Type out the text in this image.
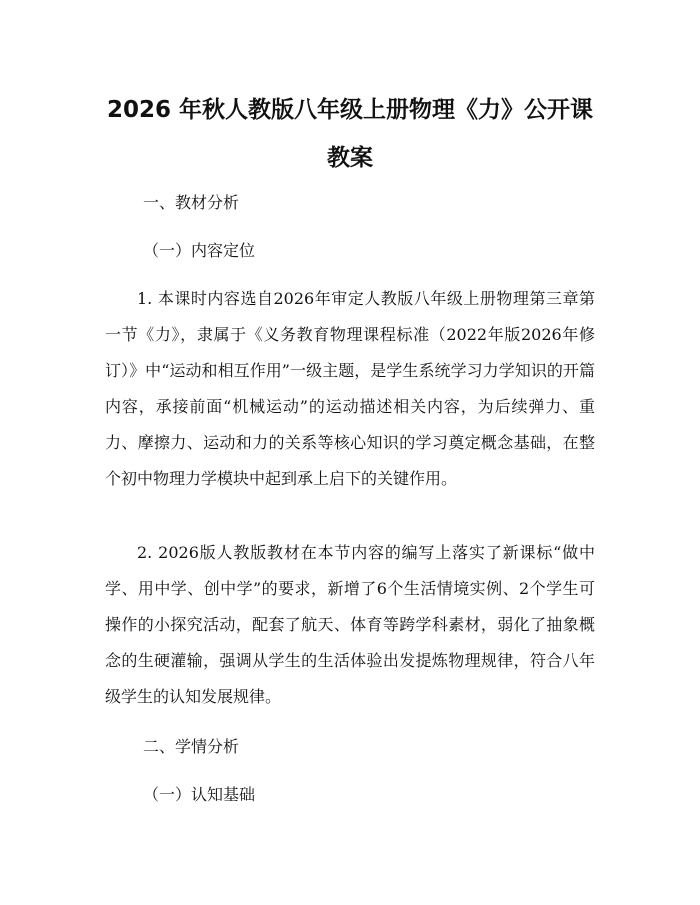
2026 年秋人教版八年级上册物理《力》公开课教案

一、教材分析

（一）内容定位

1. 本课时内容选自2026年审定人教版八年级上册物理第三章第一节《力》，隶属于《义务教育物理课程标准（2022年版2026年修订）》中“运动和相互作用”一级主题，是学生系统学习力学知识的开篇内容，承接前面“机械运动”的运动描述相关内容，为后续弹力、重力、摩擦力、运动和力的关系等核心知识的学习奠定概念基础，在整个初中物理力学模块中起到承上启下的关键作用。

2. 2026版人教版教材在本节内容的编写上落实了新课标“做中学、用中学、创中学”的要求，新增了6个生活情境实例、2个学生可操作的小探究活动，配套了航天、体育等跨学科素材，弱化了抽象概念的生硬灌输，强调从学生的生活体验出发提炼物理规律，符合八年级学生的认知发展规律。

二、学情分析

（一）认知基础
